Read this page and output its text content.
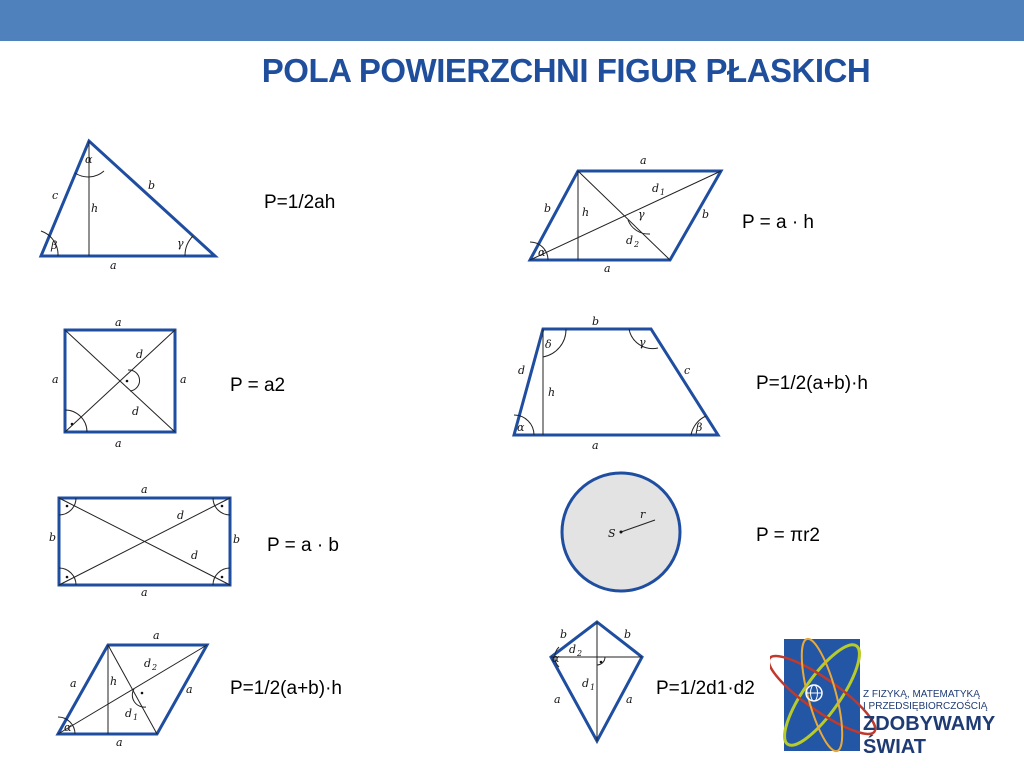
POLA POWIERZCHNI FIGUR PŁASKICH
α
β	γ
c
b
h
a
P=1/2ah
α
γ
a
a
b	b
h
d 1
d 2
P = a · h
a
a
a	a
d
d
P = a2
δ	γ
α	β
b
a
d	c
h	P=1/2(a+b)·h
a
a
b	b
d
d	P = a · b
S
r
P = πr2
α
a
a
a	a
h
d 2
d 1
P=1/2(a+b)·h
α
b	b
a	a
d 2
d 1	P=1/2d1·d2	Z FIZYKĄ, MATEMATYKĄ
I PRZEDSIĘBIORCZOŚCIĄ
ZDOBYWAMY
ŚWIAT
